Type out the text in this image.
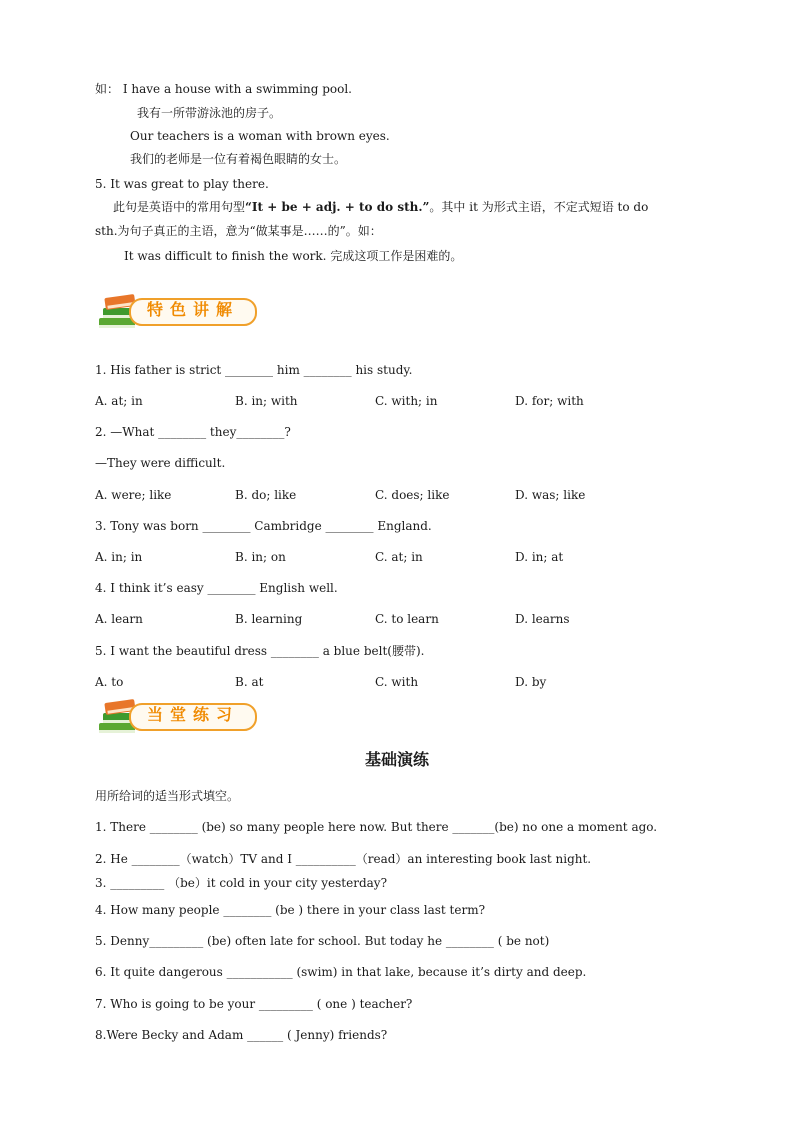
如： I have a house with a swimming pool.
我有一所带游泳池的房子。
Our teachers is a woman with brown eyes.
我们的老师是一位有着褐色眼睛的女士。
5. It was great to play there.
此句是英语中的常用句型“It + be + adj. + to do sth.”。其中 it 为形式主语，不定式短语 to do
sth.为句子真正的主语，意为“做某事是……的”。如：
It was difficult to finish the work. 完成这项工作是困难的。
特色讲解
1. His father is strict ________ him ________ his study.
A. at; in	B. in; with	C. with; in	D. for; with
2. —What ________ they________?
—They were difficult.
A. were; like	B. do; like	C. does; like	D. was; like
3. Tony was born ________ Cambridge ________ England.
A. in; in	B. in; on	C. at; in	D. in; at
4. I think it’s easy ________ English well.
A. learn	B. learning	C. to learn	D. learns
5. I want the beautiful dress ________ a blue belt(腰带).
A. to	B. at	C. with	D. by
当堂练习
基础演练
用所给词的适当形式填空。
1. There ________ (be) so many people here now. But there _______(be) no one a moment ago.
2. He ________（watch）TV and I __________（read）an interesting book last night.
3. _________ （be）it cold in your city yesterday?
4. How many people ________ (be ) there in your class last term?
5. Denny_________ (be) often late for school. But today he ________ ( be not)
6. It quite dangerous ___________ (swim) in that lake, because it’s dirty and deep.
7. Who is going to be your _________ ( one ) teacher?
8.Were Becky and Adam ______ ( Jenny) friends?
